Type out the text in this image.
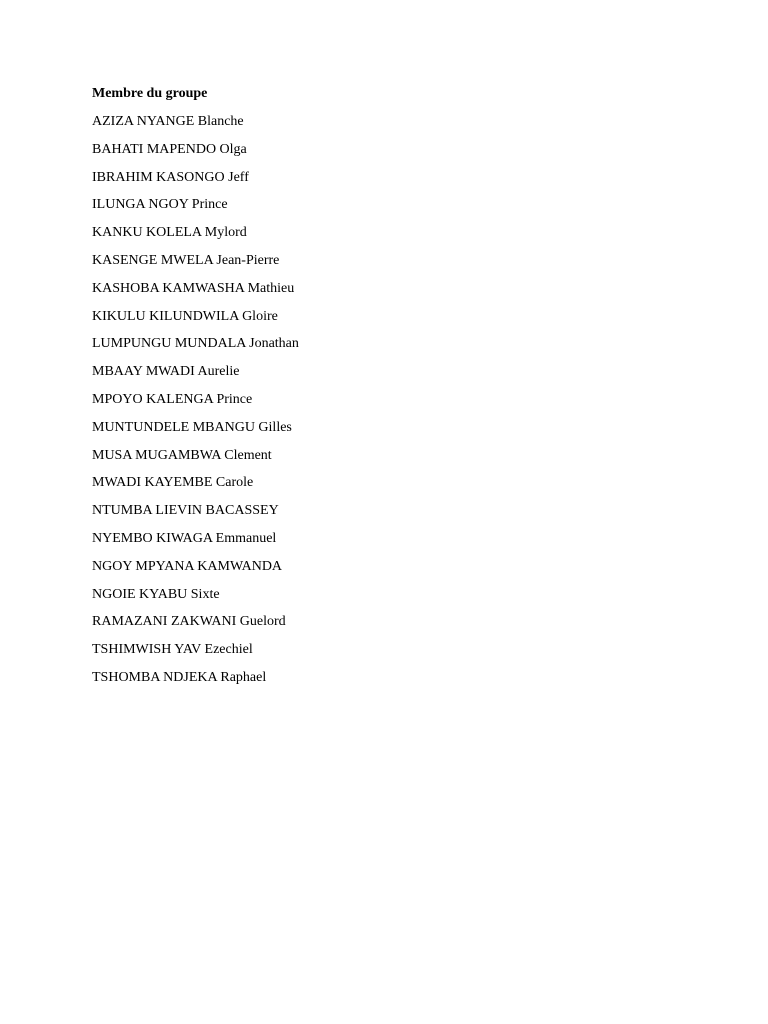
Membre du groupe
AZIZA NYANGE Blanche
BAHATI MAPENDO Olga
IBRAHIM KASONGO Jeff
ILUNGA NGOY Prince
KANKU KOLELA Mylord
KASENGE MWELA Jean-Pierre
KASHOBA KAMWASHA Mathieu
KIKULU KILUNDWILA Gloire
LUMPUNGU MUNDALA Jonathan
MBAAY MWADI Aurelie
MPOYO KALENGA Prince
MUNTUNDELE MBANGU Gilles
MUSA MUGAMBWA Clement
MWADI KAYEMBE Carole
NTUMBA LIEVIN BACASSEY
NYEMBO KIWAGA Emmanuel
NGOY MPYANA KAMWANDA
NGOIE KYABU Sixte
RAMAZANI ZAKWANI Guelord
TSHIMWISH YAV Ezechiel
TSHOMBA NDJEKA Raphael
